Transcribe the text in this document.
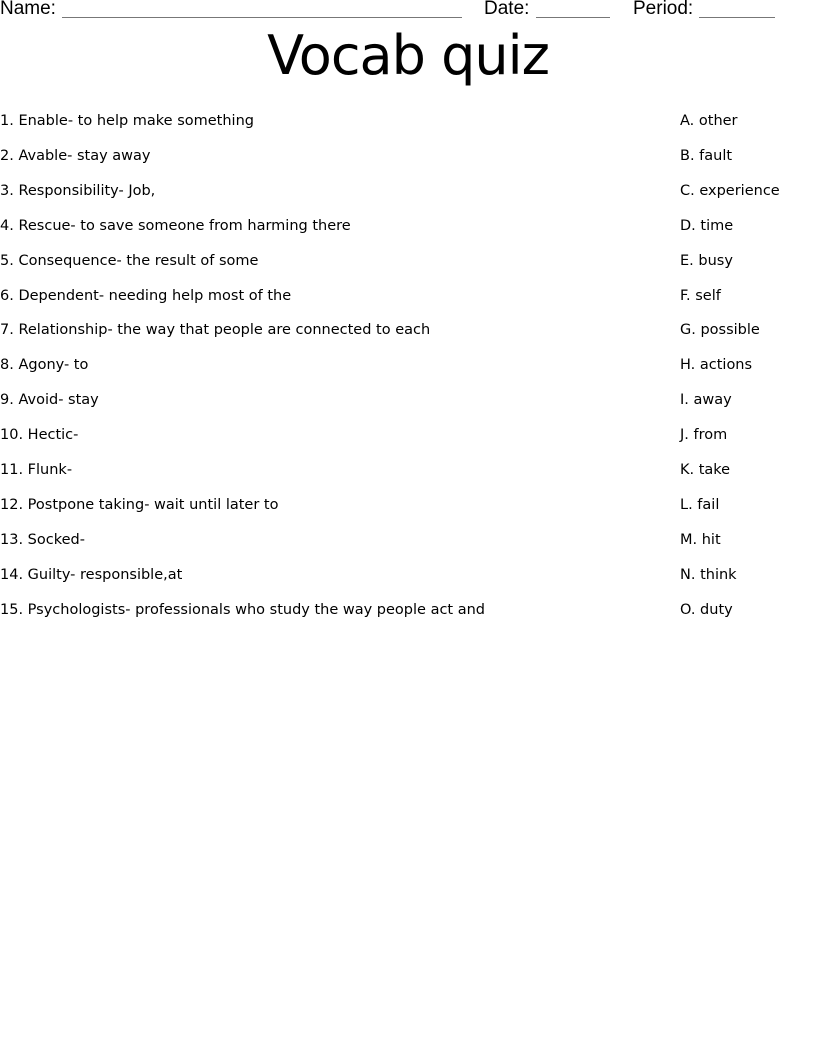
Name:	Date:	Period:
Vocab quiz
1. Enable- to help make something	A. other
2. Avable- stay away	B. fault
3. Responsibility- Job,	C. experience
4. Rescue- to save someone from harming there	D. time
5. Consequence- the result of some	E. busy
6. Dependent- needing help most of the	F. self
7. Relationship- the way that people are connected to each	G. possible
8. Agony- to	H. actions
9. Avoid- stay	I. away
10. Hectic-	J. from
11. Flunk-	K. take
12. Postpone taking- wait until later to	L. fail
13. Socked-	M. hit
14. Guilty- responsible,at	N. think
15. Psychologists- professionals who study the way people act and	O. duty
